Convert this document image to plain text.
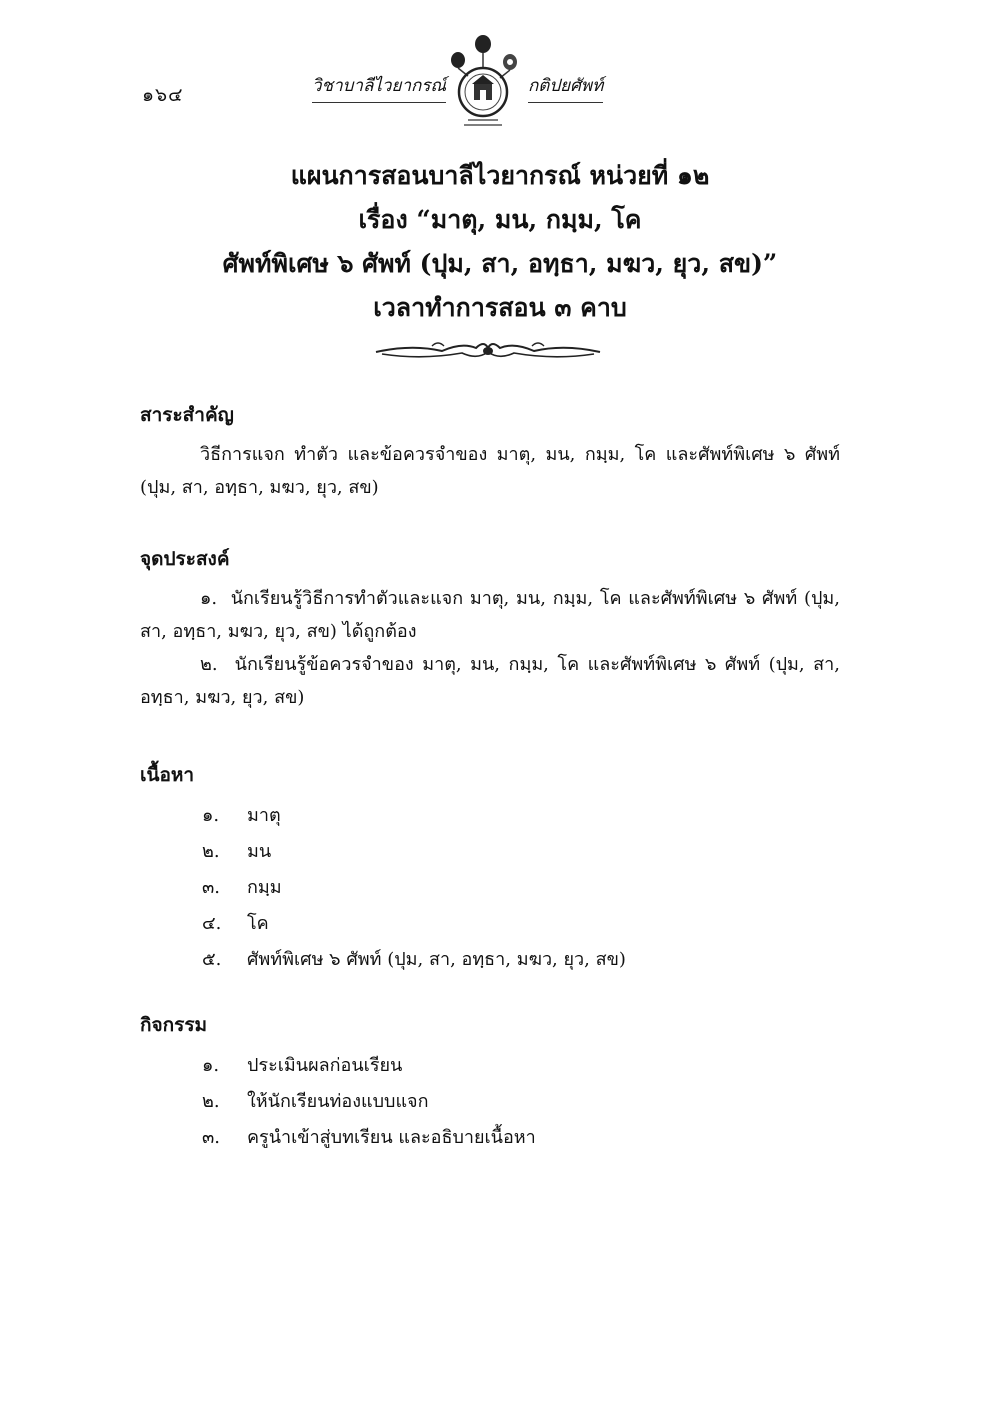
๑๖๔	วิชาบาลีไวยากรณ์	กติปยศัพท์
แผนการสอนบาลีไวยากรณ์ หน่วยที่ ๑๒
เรื่อง “มาตุ, มน, กมฺม, โค
ศัพท์พิเศษ ๖ ศัพท์ (ปุม, สา, อทฺธา, มฆว, ยุว, สข)”
เวลาทำการสอน ๓ คาบ
สาระสำคัญ
วิธีการแจก ทำตัว และข้อควรจำของ มาตุ, มน, กมฺม, โค และศัพท์พิเศษ ๖ ศัพท์ (ปุม, สา, อทฺธา, มฆว, ยุว, สข)
จุดประสงค์
๑. นักเรียนรู้วิธีการทำตัวและแจก มาตุ, มน, กมฺม, โค และศัพท์พิเศษ ๖ ศัพท์ (ปุม, สา, อทฺธา, มฆว, ยุว, สข) ได้ถูกต้อง
๒. นักเรียนรู้ข้อควรจำของ มาตุ, มน, กมฺม, โค และศัพท์พิเศษ ๖ ศัพท์ (ปุม, สา, อทฺธา, มฆว, ยุว, สข)
เนื้อหา
๑. มาตุ
๒. มน
๓. กมฺม
๔. โค
๕. ศัพท์พิเศษ ๖ ศัพท์ (ปุม, สา, อทฺธา, มฆว, ยุว, สข)
กิจกรรม
๑. ประเมินผลก่อนเรียน
๒. ให้นักเรียนท่องแบบแจก
๓. ครูนำเข้าสู่บทเรียน และอธิบายเนื้อหา
